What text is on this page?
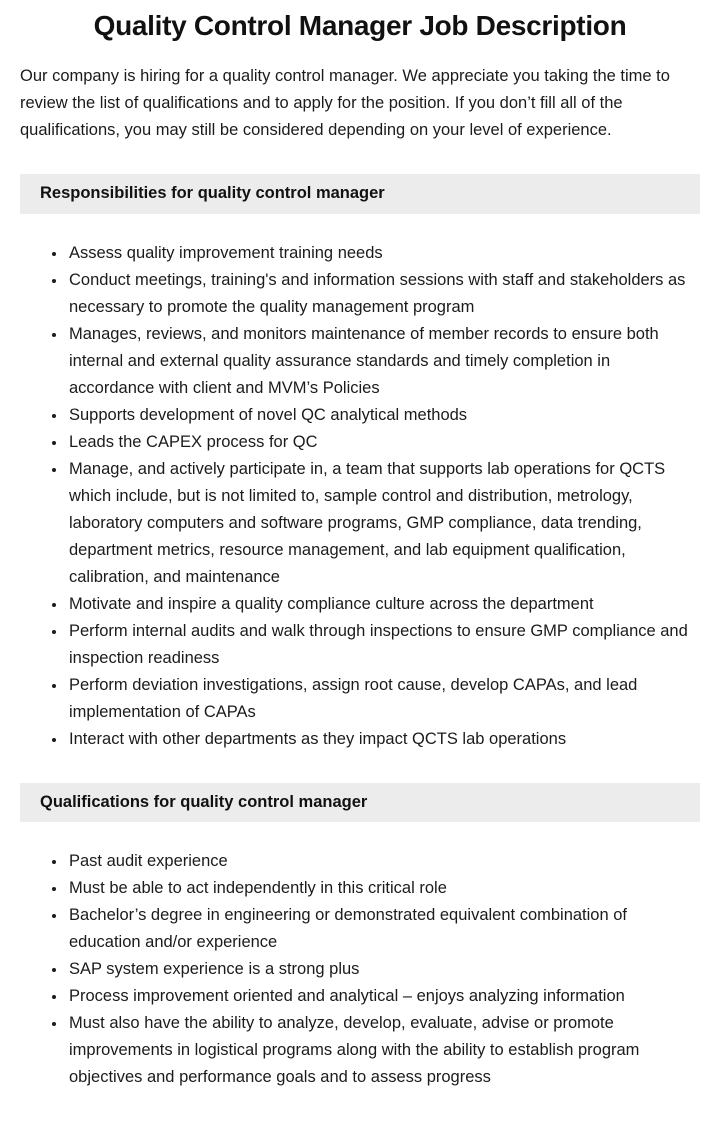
Quality Control Manager Job Description

Our company is hiring for a quality control manager. We appreciate you taking the time to review the list of qualifications and to apply for the position. If you don’t fill all of the qualifications, you may still be considered depending on your level of experience.

Responsibilities for quality control manager
• Assess quality improvement training needs
• Conduct meetings, training's and information sessions with staff and stakeholders as necessary to promote the quality management program
• Manages, reviews, and monitors maintenance of member records to ensure both internal and external quality assurance standards and timely completion in accordance with client and MVM’s Policies
• Supports development of novel QC analytical methods
• Leads the CAPEX process for QC
• Manage, and actively participate in, a team that supports lab operations for QCTS which include, but is not limited to, sample control and distribution, metrology, laboratory computers and software programs, GMP compliance, data trending, department metrics, resource management, and lab equipment qualification, calibration, and maintenance
• Motivate and inspire a quality compliance culture across the department
• Perform internal audits and walk through inspections to ensure GMP compliance and inspection readiness
• Perform deviation investigations, assign root cause, develop CAPAs, and lead implementation of CAPAs
• Interact with other departments as they impact QCTS lab operations
Qualifications for quality control manager
• Past audit experience
• Must be able to act independently in this critical role
• Bachelor’s degree in engineering or demonstrated equivalent combination of education and/or experience
• SAP system experience is a strong plus
• Process improvement oriented and analytical – enjoys analyzing information
• Must also have the ability to analyze, develop, evaluate, advise or promote improvements in logistical programs along with the ability to establish program objectives and performance goals and to assess progress
